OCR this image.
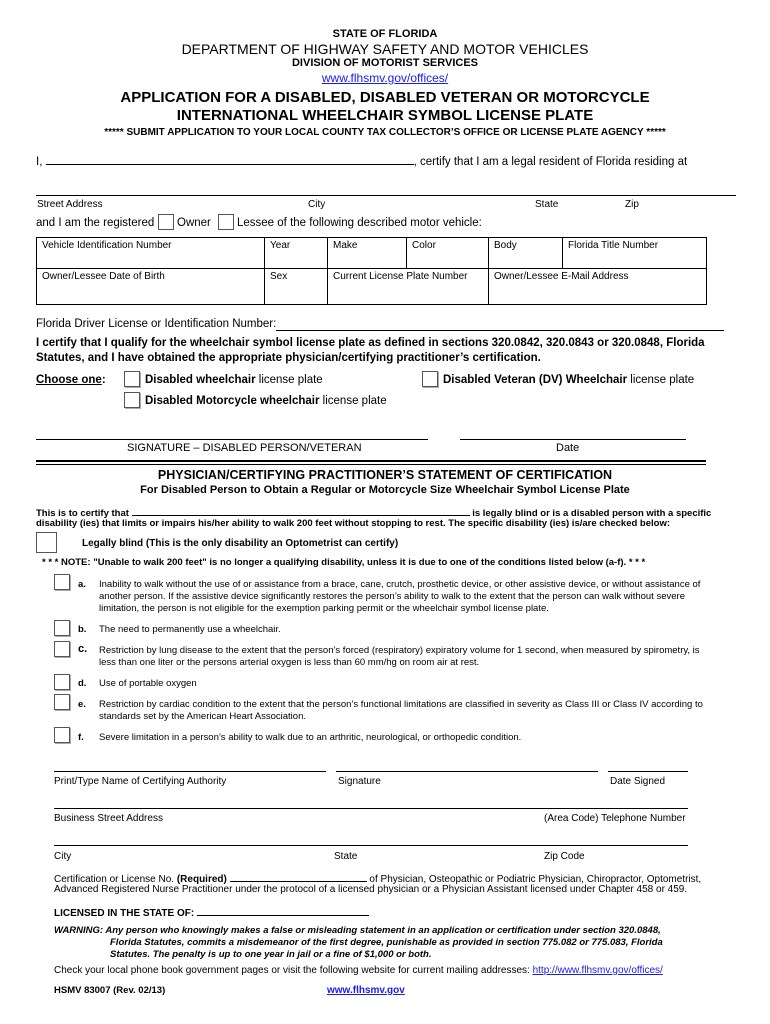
STATE OF FLORIDA
DEPARTMENT OF HIGHWAY SAFETY AND MOTOR VEHICLES
DIVISION OF MOTORIST SERVICES
www.flhsmv.gov/offices/
APPLICATION FOR A DISABLED, DISABLED VETERAN OR MOTORCYCLE
INTERNATIONAL WHEELCHAIR SYMBOL LICENSE PLATE
***** SUBMIT APPLICATION TO YOUR LOCAL COUNTY TAX COLLECTOR’S OFFICE OR LICENSE PLATE AGENCY *****
I,	, certify that I am a legal resident of Florida residing at
Street Address	City	State	Zip
and I am the registered Owner Lessee of the following described motor vehicle:
Vehicle Identification Number	Year	Make	Color	Body	Florida Title Number
Owner/Lessee Date of Birth	Sex	Current License Plate Number		Owner/Lessee E-Mail Address	
Florida Driver License or Identification Number:
I certify that I qualify for the wheelchair symbol license plate as defined in sections 320.0842, 320.0843 or 320.0848, Florida Statutes, and I have obtained the appropriate physician/certifying practitioner’s certification.
Choose one:	Disabled wheelchair license plate	Disabled Veteran (DV) Wheelchair license plate
Disabled Motorcycle wheelchair license plate
SIGNATURE – DISABLED PERSON/VETERAN	Date
PHYSICIAN/CERTIFYING PRACTITIONER’S STATEMENT OF CERTIFICATION
For Disabled Person to Obtain a Regular or Motorcycle Size Wheelchair Symbol License Plate
This is to certify that	is legally blind or is a disabled person with a specific
disability (ies) that limits or impairs his/her ability to walk 200 feet without stopping to rest. The specific disability (ies) is/are checked below:
Legally blind (This is the only disability an Optometrist can certify)
* * * NOTE: "Unable to walk 200 feet" is no longer a qualifying disability, unless it is due to one of the conditions listed below (a-f). * * *
a. Inability to walk without the use of or assistance from a brace, cane, crutch, prosthetic device, or other assistive device, or without assistance of another person. If the assistive device significantly restores the person’s ability to walk to the extent that the person can walk without severe limitation, the person is not eligible for the exemption parking permit or the wheelchair symbol license plate.
b. The need to permanently use a wheelchair.
c. Restriction by lung disease to the extent that the person’s forced (respiratory) expiratory volume for 1 second, when measured by spirometry, is less than one liter or the persons arterial oxygen is less than 60 mm/hg on room air at rest.
d. Use of portable oxygen
e. Restriction by cardiac condition to the extent that the person’s functional limitations are classified in severity as Class III or Class IV according to standards set by the American Heart Association.
f. Severe limitation in a person’s ability to walk due to an arthritic, neurological, or orthopedic condition.
Print/Type Name of Certifying Authority	Signature	Date Signed
Business Street Address	(Area Code) Telephone Number
City	State	Zip Code
Certification or License No. (Required)	of Physician, Osteopathic or Podiatric Physician, Chiropractor, Optometrist,
Advanced Registered Nurse Practitioner under the protocol of a licensed physician or a Physician Assistant licensed under Chapter 458 or 459.
LICENSED IN THE STATE OF:
WARNING: Any person who knowingly makes a false or misleading statement in an application or certification under section 320.0848,
Florida Statutes, commits a misdemeanor of the first degree, punishable as provided in section 775.082 or 775.083, Florida
Statutes. The penalty is up to one year in jail or a fine of $1,000 or both.
Check your local phone book government pages or visit the following website for current mailing addresses: http://www.flhsmv.gov/offices/
HSMV 83007 (Rev. 02/13)	www.flhsmv.gov
